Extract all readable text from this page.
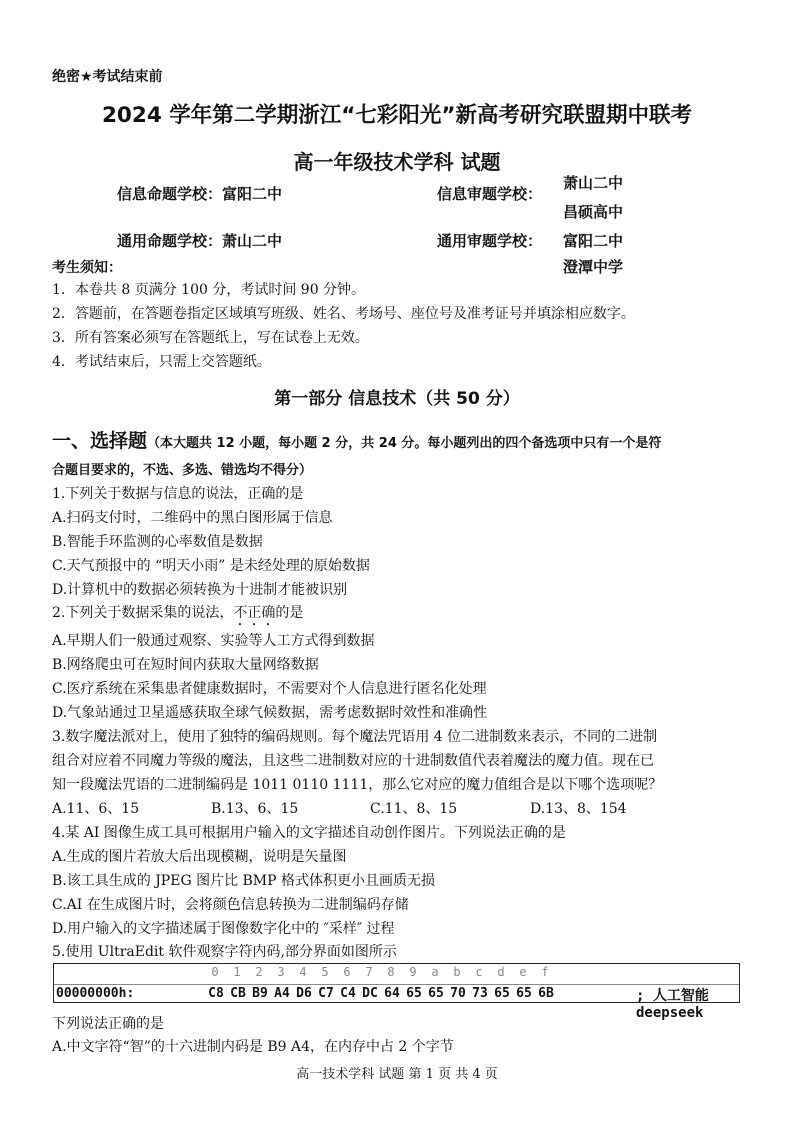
绝密★考试结束前
2024 学年第二学期浙江“七彩阳光”新高考研究联盟期中联考
高一年级技术学科 试题
信息命题学校：富阳二中	信息审题学校：
萧山二中
昌硕高中
通用命题学校：萧山二中	通用审题学校： 富阳二中
澄潭中学
考生须知：
1．本卷共 8 页满分 100 分，考试时间 90 分钟。
2．答题前，在答题卷指定区域填写班级、姓名、考场号、座位号及准考证号并填涂相应数字。
3．所有答案必须写在答题纸上，写在试卷上无效。
4．考试结束后，只需上交答题纸。
第一部分 信息技术（共 50 分）
一、选择题（本大题共 12 小题，每小题 2 分，共 24 分。每小题列出的四个备选项中只有一个是符
合题目要求的，不选、多选、错选均不得分）
1.下列关于数据与信息的说法，正确的是
A.扫码支付时，二维码中的黑白图形属于信息
B.智能手环监测的心率数值是数据
C.天气预报中的 “明天小雨” 是未经处理的原始数据
D.计算机中的数据必须转换为十进制才能被识别
2.下列关于数据采集的说法，不正确的是
A.早期人们一般通过观察、实验等人工方式得到数据
B.网络爬虫可在短时间内获取大量网络数据
C.医疗系统在采集患者健康数据时，不需要对个人信息进行匿名化处理
D.气象站通过卫星遥感获取全球气候数据，需考虑数据时效性和准确性
3.数字魔法派对上，使用了独特的编码规则。每个魔法咒语用 4 位二进制数来表示，不同的二进制
组合对应着不同魔力等级的魔法，且这些二进制数对应的十进制数值代表着魔法的魔力值。现在已
知一段魔法咒语的二进制编码是 1011 0110 1111，那么它对应的魔力值组合是以下哪个选项呢？
A.11、6、15	B.13、6、15	C.11、8、15	D.13、8、154
4.某 AI 图像生成工具可根据用户输入的文字描述自动创作图片。下列说法正确的是
A.生成的图片若放大后出现模糊，说明是矢量图
B.该工具生成的 JPEG 图片比 BMP 格式体积更小且画质无损
C.AI 在生成图片时，会将颜色信息转换为二进制编码存储
D.用户输入的文字描述属于图像数字化中的 ″采样″ 过程
5.使用 UltraEdit 软件观察字符内码,部分界面如图所示
0 1 2 3 4 5 6 7 8 9 a b c d e f
00000000h:	C8 CB B9 A4 D6 C7 C4 DC 64 65 65 70 73 65 65 6B	; 人工智能deepseek
下列说法正确的是
A.中文字符“智”的十六进制内码是 B9 A4，在内存中占 2 个字节
高一技术学科 试题 第 1 页 共 4 页
